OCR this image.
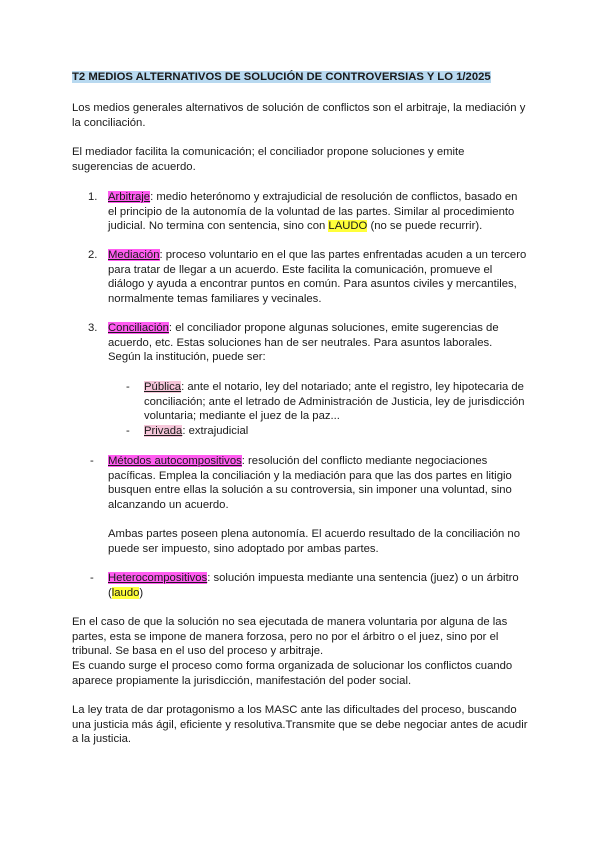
T2 MEDIOS ALTERNATIVOS DE SOLUCIÓN DE CONTROVERSIAS Y LO 1/2025
Los medios generales alternativos de solución de conflictos son el arbitraje, la mediación y la conciliación.
El mediador facilita la comunicación; el conciliador propone soluciones y emite sugerencias de acuerdo.
1. Arbitraje: medio heterónomo y extrajudicial de resolución de conflictos, basado en el principio de la autonomía de la voluntad de las partes. Similar al procedimiento judicial. No termina con sentencia, sino con LAUDO (no se puede recurrir).
2. Mediación: proceso voluntario en el que las partes enfrentadas acuden a un tercero para tratar de llegar a un acuerdo. Este facilita la comunicación, promueve el diálogo y ayuda a encontrar puntos en común. Para asuntos civiles y mercantiles, normalmente temas familiares y vecinales.
3. Conciliación: el conciliador propone algunas soluciones, emite sugerencias de acuerdo, etc. Estas soluciones han de ser neutrales. Para asuntos laborales. Según la institución, puede ser:
- Pública: ante el notario, ley del notariado; ante el registro, ley hipotecaria de conciliación; ante el letrado de Administración de Justicia, ley de jurisdicción voluntaria; mediante el juez de la paz...
- Privada: extrajudicial
- Métodos autocompositivos: resolución del conflicto mediante negociaciones pacíficas. Emplea la conciliación y la mediación para que las dos partes en litigio busquen entre ellas la solución a su controversia, sin imponer una voluntad, sino alcanzando un acuerdo.
Ambas partes poseen plena autonomía. El acuerdo resultado de la conciliación no puede ser impuesto, sino adoptado por ambas partes.
- Heterocompositivos: solución impuesta mediante una sentencia (juez) o un árbitro (laudo)
En el caso de que la solución no sea ejecutada de manera voluntaria por alguna de las partes, esta se impone de manera forzosa, pero no por el árbitro o el juez, sino por el tribunal. Se basa en el uso del proceso y arbitraje.
Es cuando surge el proceso como forma organizada de solucionar los conflictos cuando aparece propiamente la jurisdicción, manifestación del poder social.
La ley trata de dar protagonismo a los MASC ante las dificultades del proceso, buscando una justicia más ágil, eficiente y resolutiva.Transmite que se debe negociar antes de acudir a la justicia.
